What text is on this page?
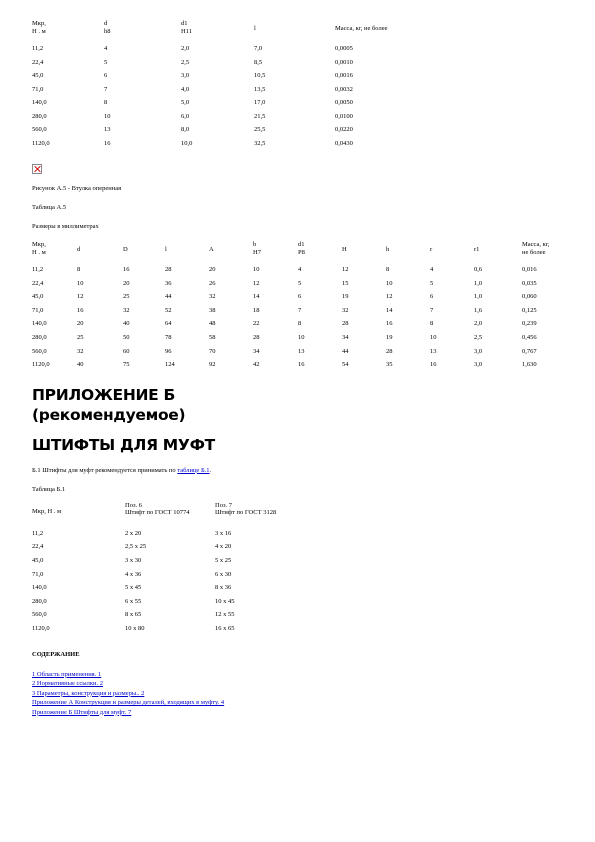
Мкр,
Н . м	d
h8	d1
H11	l	Масса, кг, не более
11,2	4	2,0	7,0	0,0005
22,4	5	2,5	8,5	0,0010
45,0	6	3,0	10,5	0,0016
71,0	7	4,0	13,5	0,0032
140,0	8	5,0	17,0	0,0050
280,0	10	6,0	21,5	0,0100
560,0	13	8,0	25,5	0,0220
1120,0	16	10,0	32,5	0,0430

Рисунок А.5 - Втулка оперенная

Таблица А.5

Размеры в миллиметрах

Мкр,
Н . м	d	D	l	A	b
H7	d1
P8	H	h	r	r1	Масса, кг,
не более
11,2	8	16	28	20	10	4	12	8	4	0,6	0,016
22,4	10	20	36	26	12	5	15	10	5	1,0	0,035
45,0	12	25	44	32	14	6	19	12	6	1,0	0,060
71,0	16	32	52	38	18	7	32	14	7	1,6	0,125
140,0	20	40	64	48	22	8	28	16	8	2,0	0,239
280,0	25	50	78	58	28	10	34	19	10	2,5	0,456
560,0	32	60	96	70	34	13	44	28	13	3,0	0,767
1120,0	40	75	124	92	42	16	54	35	16	3,0	1,630
ПРИЛОЖЕНИЕ Б
(рекомендуемое)
ШТИФТЫ ДЛЯ МУФТ

Б.1 Штифты для муфт рекомендуется принимать по таблице Б.1.

Таблица Б.1

Мкр, Н . м	Поз. 6
Штифт по ГОСТ 10774	Поз. 7
Штифт по ГОСТ 3128
11,2	2 х 20	3 х 16
22,4	2,5 х 25	4 х 20
45,0	3 х 30	5 х 25
71,0	4 х 36	6 х 30
140,0	5 х 45	8 х 36
280,0	6 х 55	10 х 45
560,0	8 х 65	12 х 55
1120,0	10 х 80	16 х 65

СОДЕРЖАНИЕ

1 Область применения. 1
2 Нормативные ссылки. 2
3 Параметры, конструкция и размеры.. 2
Приложение А Конструкция и размеры деталей, входящих в муфту. 4
Приложение Б Штифты для муфт. 7
